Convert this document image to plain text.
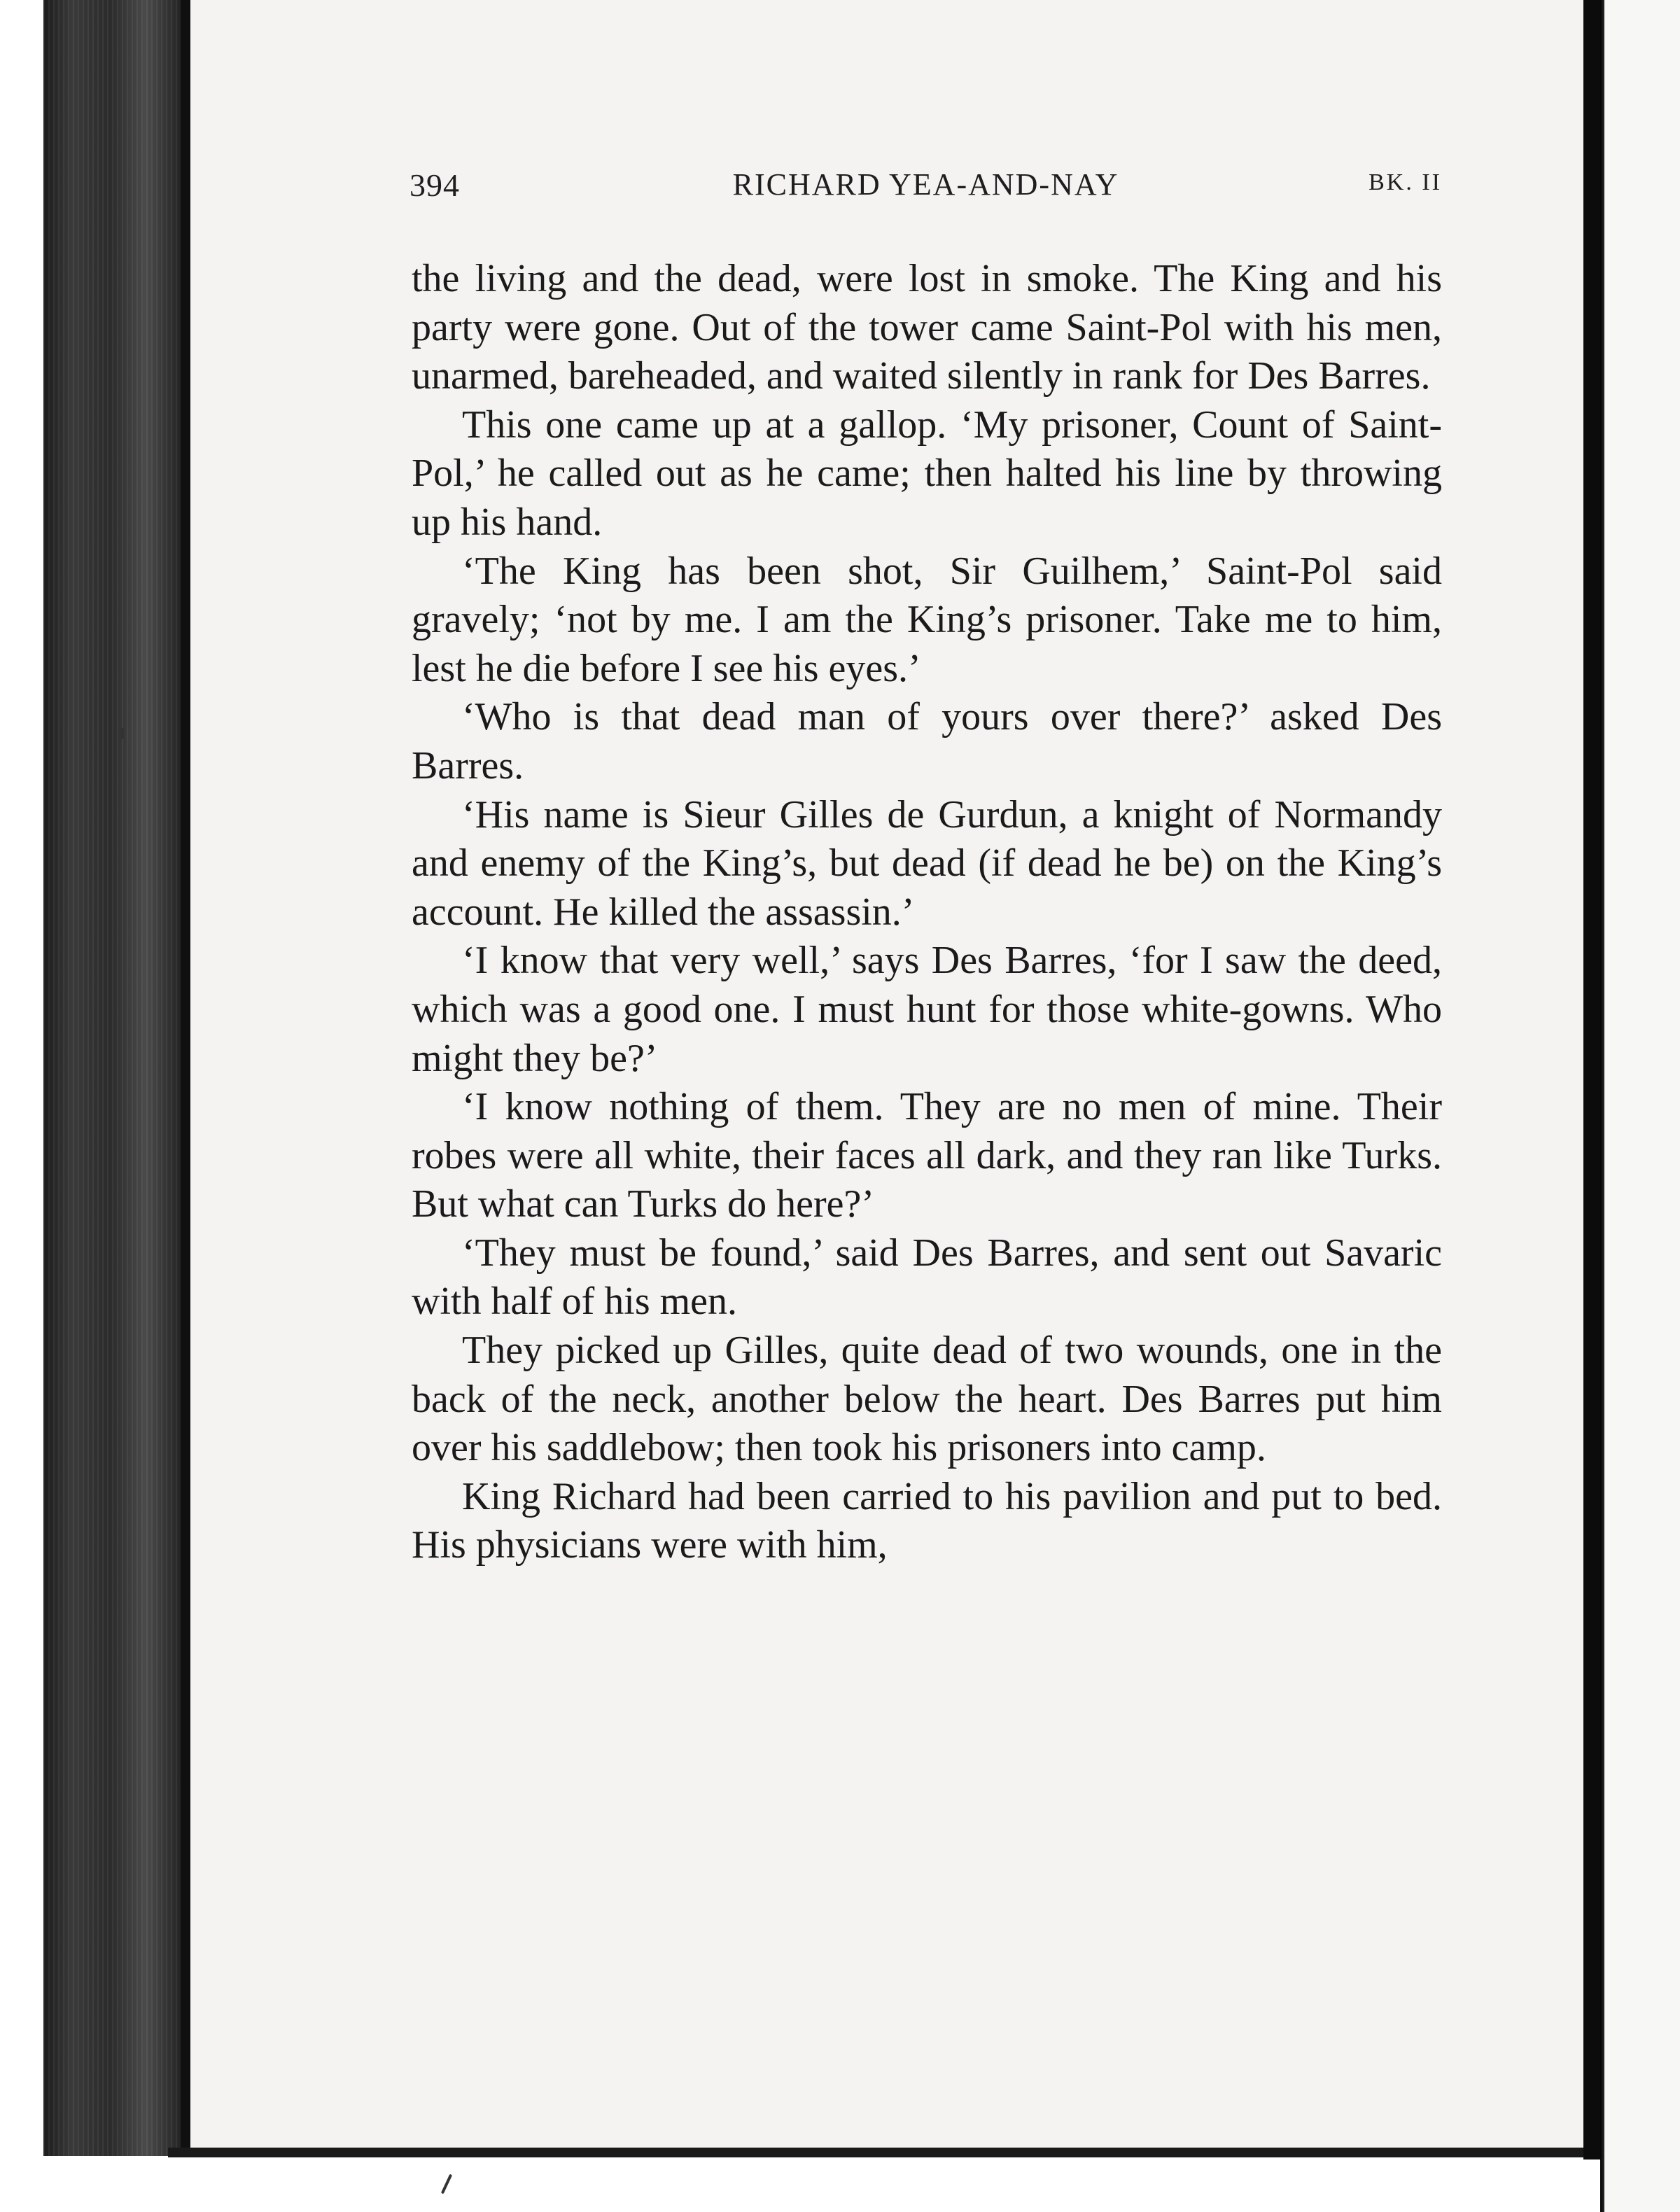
394	RICHARD YEA-AND-NAY	BK. II

the living and the dead, were lost in smoke. The King and his party were gone. Out of the tower came Saint-Pol with his men, unarmed, bareheaded, and waited silently in rank for Des Barres.

This one came up at a gallop. ‘My prisoner, Count of Saint-Pol,’ he called out as he came; then halted his line by throwing up his hand.

‘The King has been shot, Sir Guilhem,’ Saint-Pol said gravely; ‘not by me. I am the King’s prisoner. Take me to him, lest he die before I see his eyes.’

‘Who is that dead man of yours over there?’ asked Des Barres.

‘His name is Sieur Gilles de Gurdun, a knight of Normandy and enemy of the King’s, but dead (if dead he be) on the King’s account. He killed the assassin.’

‘I know that very well,’ says Des Barres, ‘for I saw the deed, which was a good one. I must hunt for those white-gowns. Who might they be?’

‘I know nothing of them. They are no men of mine. Their robes were all white, their faces all dark, and they ran like Turks. But what can Turks do here?’

‘They must be found,’ said Des Barres, and sent out Savaric with half of his men.

They picked up Gilles, quite dead of two wounds, one in the back of the neck, another below the heart. Des Barres put him over his saddlebow; then took his prisoners into camp.

King Richard had been carried to his pavilion and put to bed. His physicians were with him,
